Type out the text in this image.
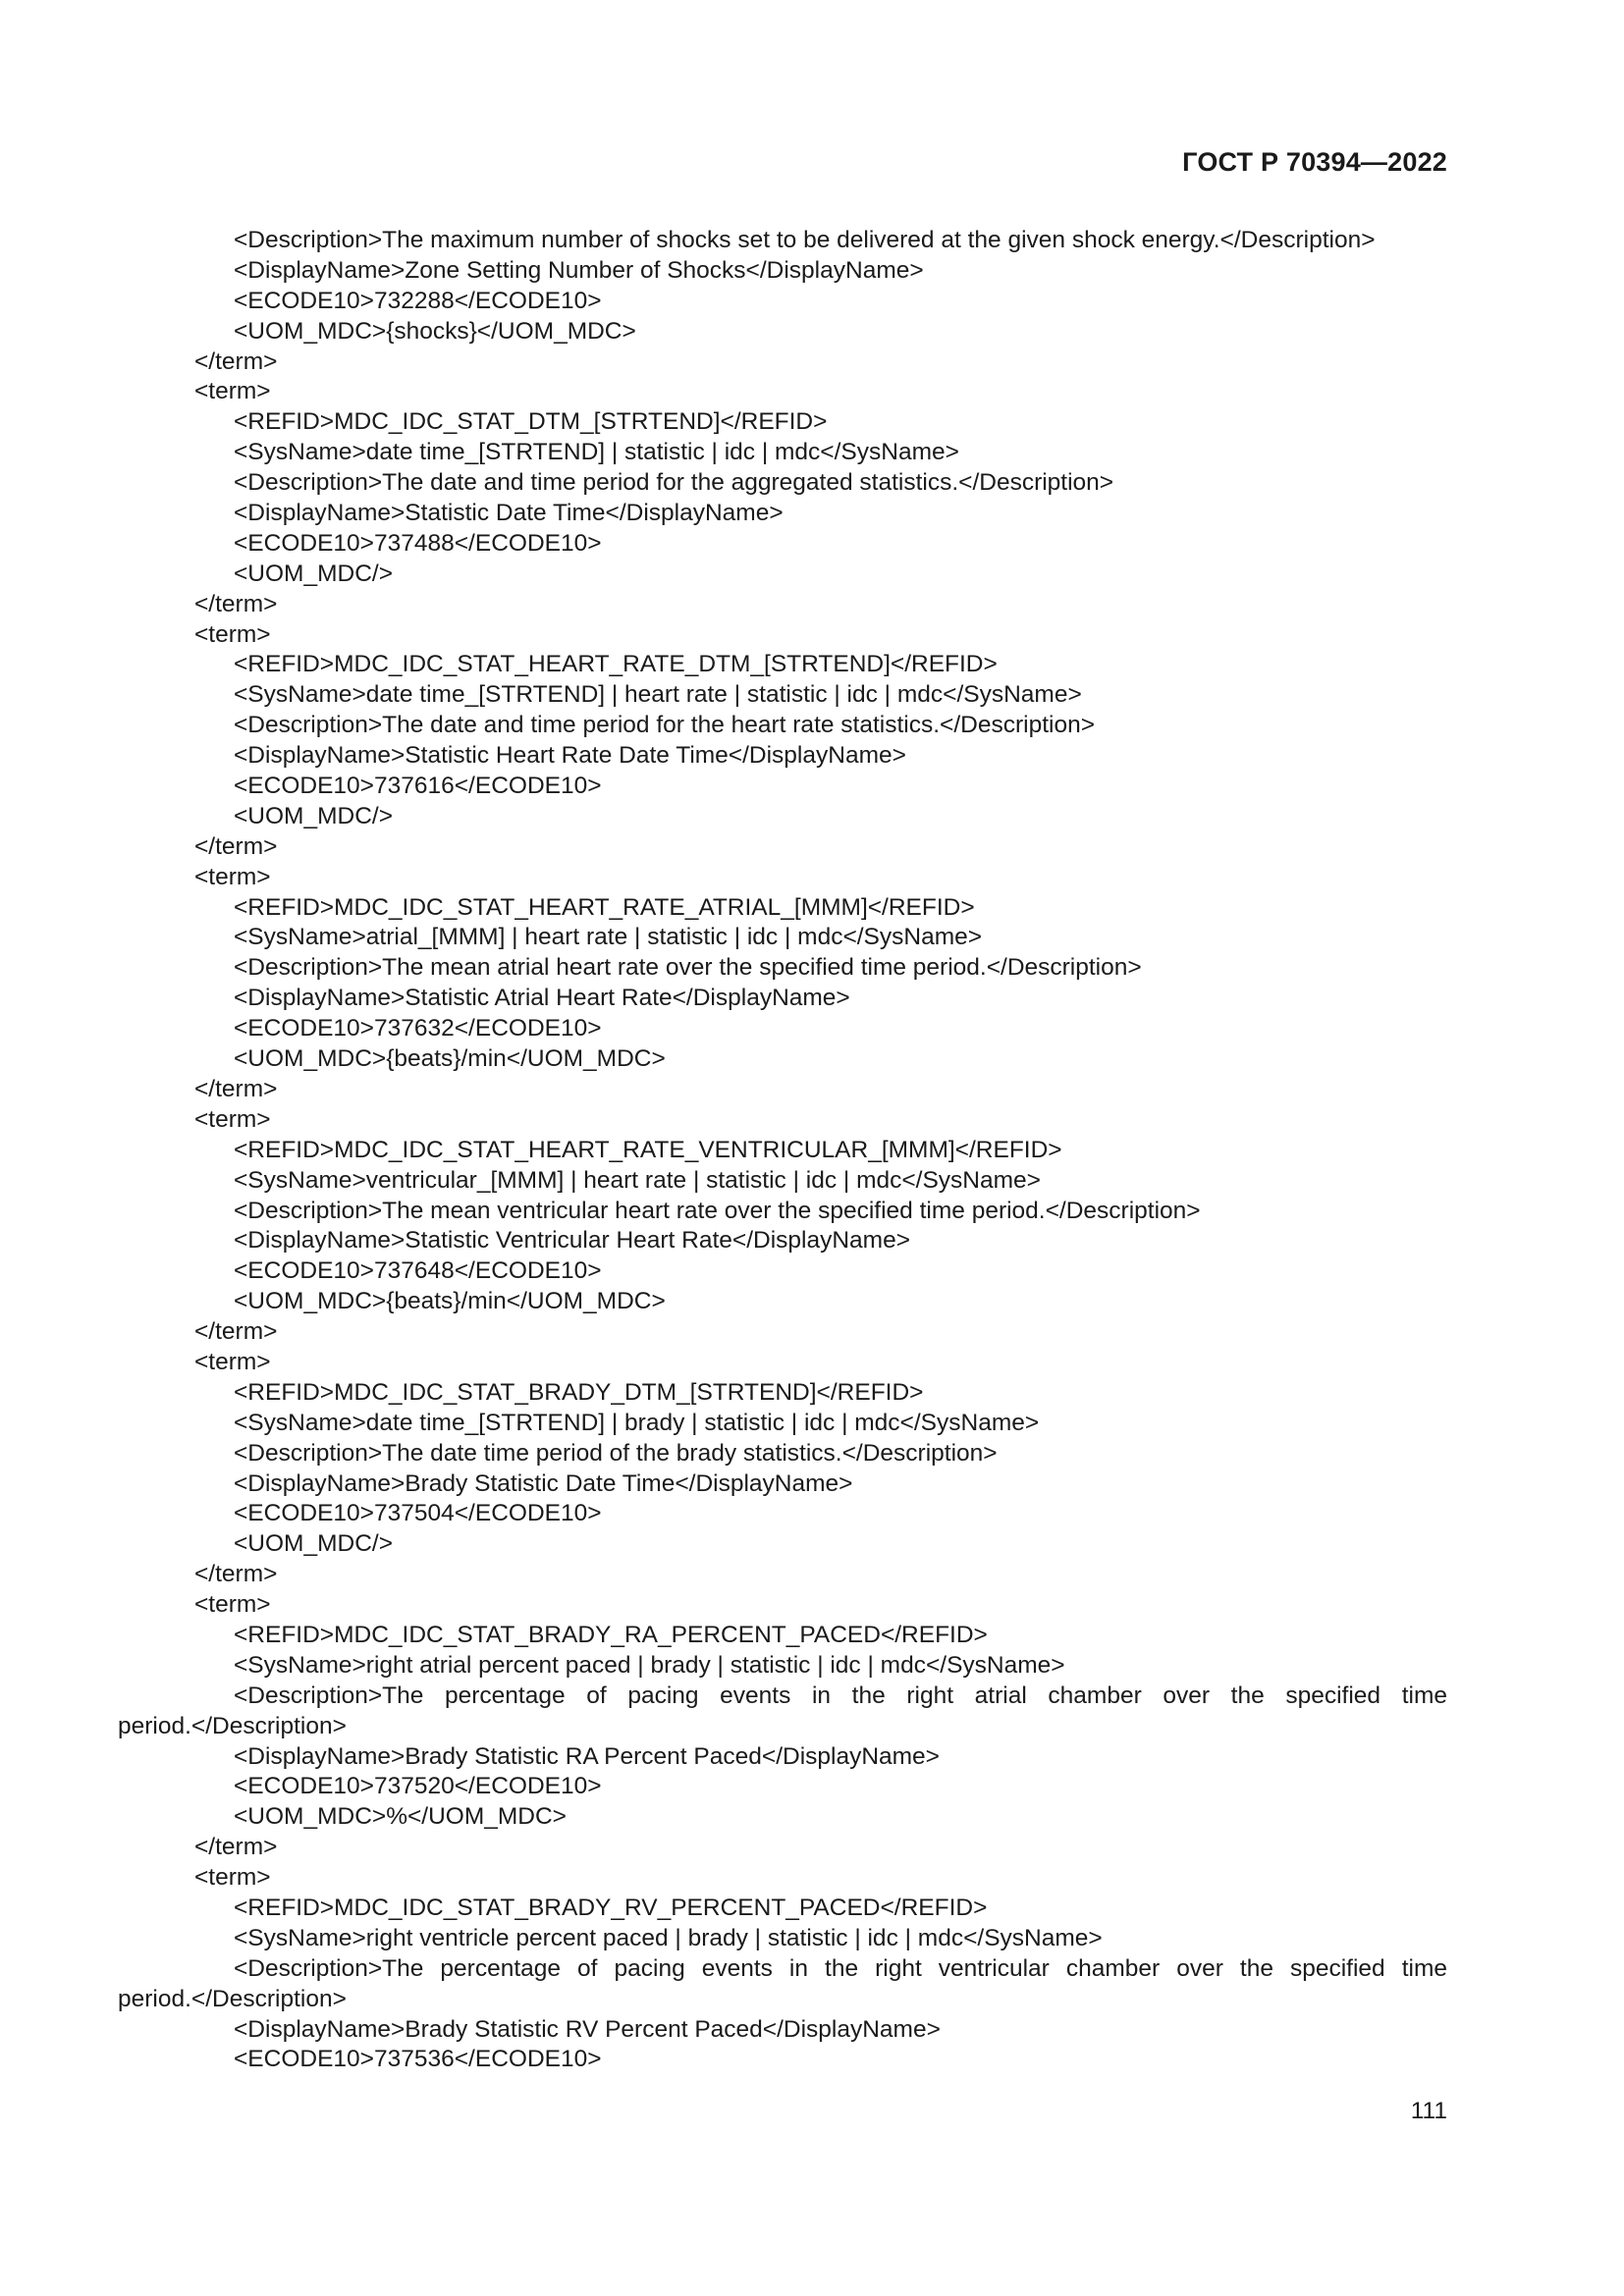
ГОСТ Р 70394—2022
<Description>The maximum number of shocks set to be delivered at the given shock energy.</Description>
<DisplayName>Zone Setting Number of Shocks</DisplayName>
<ECODE10>732288</ECODE10>
<UOM_MDC>{shocks}</UOM_MDC>
</term>
<term>
<REFID>MDC_IDC_STAT_DTM_[STRTEND]</REFID>
<SysName>date time_[STRTEND] | statistic | idc | mdc</SysName>
<Description>The date and time period for the aggregated statistics.</Description>
<DisplayName>Statistic Date Time</DisplayName>
<ECODE10>737488</ECODE10>
<UOM_MDC/>
</term>
<term>
<REFID>MDC_IDC_STAT_HEART_RATE_DTM_[STRTEND]</REFID>
<SysName>date time_[STRTEND] | heart rate | statistic | idc | mdc</SysName>
<Description>The date and time period for the heart rate statistics.</Description>
<DisplayName>Statistic Heart Rate Date Time</DisplayName>
<ECODE10>737616</ECODE10>
<UOM_MDC/>
</term>
<term>
<REFID>MDC_IDC_STAT_HEART_RATE_ATRIAL_[MMM]</REFID>
<SysName>atrial_[MMM] | heart rate | statistic | idc | mdc</SysName>
<Description>The mean atrial heart rate over the specified time period.</Description>
<DisplayName>Statistic Atrial Heart Rate</DisplayName>
<ECODE10>737632</ECODE10>
<UOM_MDC>{beats}/min</UOM_MDC>
</term>
<term>
<REFID>MDC_IDC_STAT_HEART_RATE_VENTRICULAR_[MMM]</REFID>
<SysName>ventricular_[MMM] | heart rate | statistic | idc | mdc</SysName>
<Description>The mean ventricular heart rate over the specified time period.</Description>
<DisplayName>Statistic Ventricular Heart Rate</DisplayName>
<ECODE10>737648</ECODE10>
<UOM_MDC>{beats}/min</UOM_MDC>
</term>
<term>
<REFID>MDC_IDC_STAT_BRADY_DTM_[STRTEND]</REFID>
<SysName>date time_[STRTEND] | brady | statistic | idc | mdc</SysName>
<Description>The date time period of the brady statistics.</Description>
<DisplayName>Brady Statistic Date Time</DisplayName>
<ECODE10>737504</ECODE10>
<UOM_MDC/>
</term>
<term>
<REFID>MDC_IDC_STAT_BRADY_RA_PERCENT_PACED</REFID>
<SysName>right atrial percent paced | brady | statistic | idc | mdc</SysName>
<Description>The percentage of pacing events in the right atrial chamber over the specified time
period.</Description>
<DisplayName>Brady Statistic RA Percent Paced</DisplayName>
<ECODE10>737520</ECODE10>
<UOM_MDC>%</UOM_MDC>
</term>
<term>
<REFID>MDC_IDC_STAT_BRADY_RV_PERCENT_PACED</REFID>
<SysName>right ventricle percent paced | brady | statistic | idc | mdc</SysName>
<Description>The percentage of pacing events in the right ventricular chamber over the specified time
period.</Description>
<DisplayName>Brady Statistic RV Percent Paced</DisplayName>
<ECODE10>737536</ECODE10>
111
